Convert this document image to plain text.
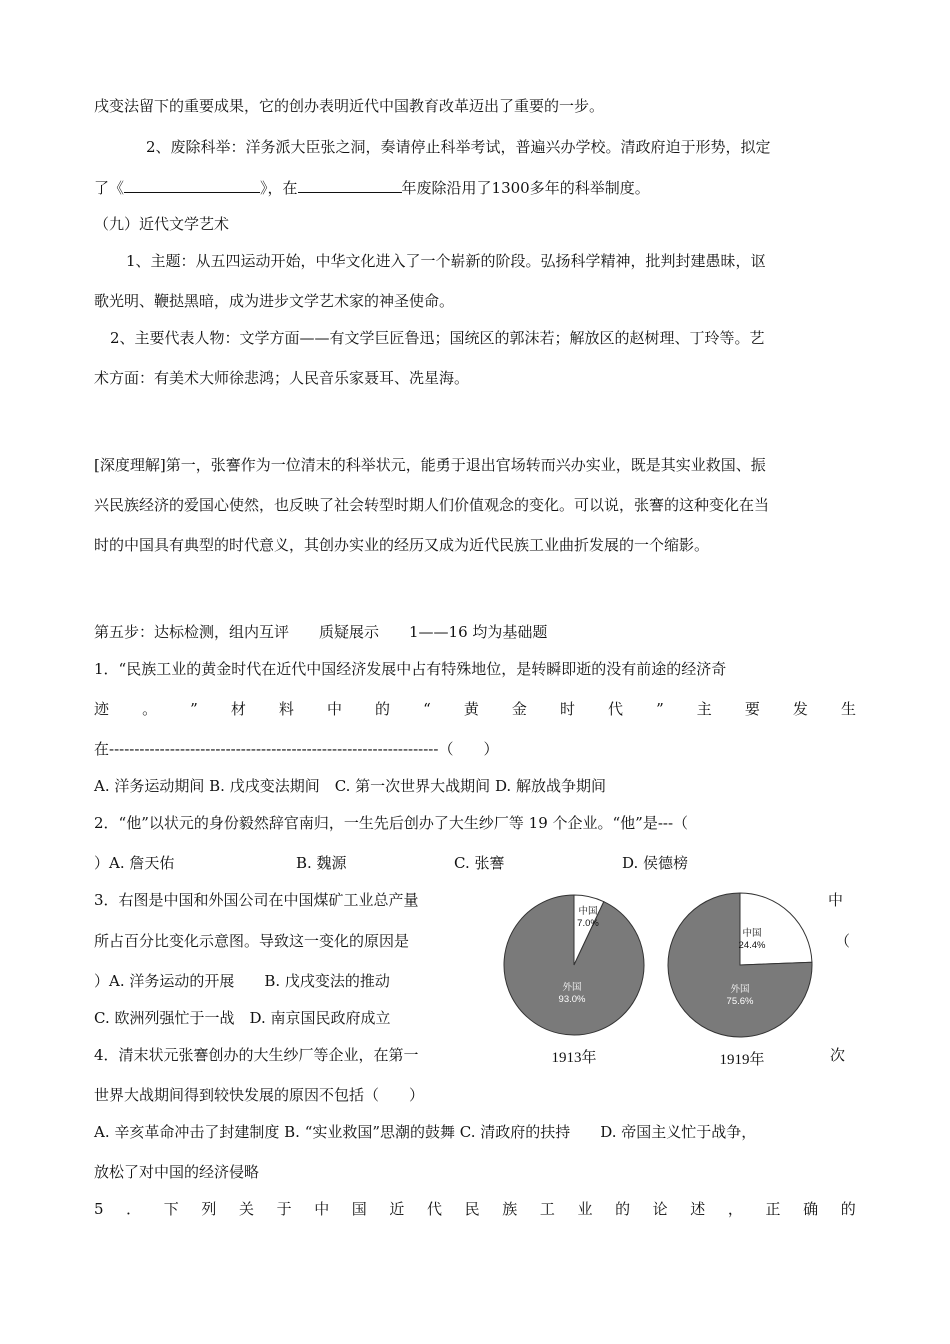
戌变法留下的重要成果，它的创办表明近代中国教育改革迈出了重要的一步。
2、废除科举：洋务派大臣张之洞，奏请停止科举考试，普遍兴办学校。清政府迫于形势，拟定
了《	》，在	年废除沿用了1300多年的科举制度。
（九）近代文学艺术
1、主题：从五四运动开始，中华文化进入了一个崭新的阶段。弘扬科学精神，批判封建愚昧，讴
歌光明、鞭挞黑暗，成为进步文学艺术家的神圣使命。
2、主要代表人物：文学方面——有文学巨匠鲁迅；国统区的郭沫若；解放区的赵树理、丁玲等。艺
术方面：有美术大师徐悲鸿；人民音乐家聂耳、冼星海。
[深度理解]第一，张謇作为一位清末的科举状元，能勇于退出官场转而兴办实业，既是其实业救国、振
兴民族经济的爱国心使然，也反映了社会转型时期人们价值观念的变化。可以说，张謇的这种变化在当
时的中国具有典型的时代意义，其创办实业的经历又成为近代民族工业曲折发展的一个缩影。
第五步：达标检测，组内互评　　质疑展示　　1——16 均为基础题
1．“民族工业的黄金时代在近代中国经济发展中占有特殊地位，是转瞬即逝的没有前途的经济奇
迹 。 ” 材 料 中 的 “ 黄 金 时 代 ” 主 要 发 生
在-----------------------------------------------------------------（　　）
A. 洋务运动期间 B. 戊戌变法期间　C. 第一次世界大战期间 D. 解放战争期间
2．“他”以状元的身份毅然辞官南归，一生先后创办了大生纱厂等 19 个企业。“他”是---（
）A. 詹天佑	B. 魏源	C. 张謇	D. 侯德榜
3．右图是中国和外国公司在中国煤矿工业总产量	中
所占百分比变化示意图。导致这一变化的原因是	（
）A. 洋务运动的开展　　B. 戊戌变法的推动
C. 欧洲列强忙于一战　D. 南京国民政府成立
4．清末状元张謇创办的大生纱厂等企业，在第一	次
世界大战期间得到较快发展的原因不包括（　　）
A. 辛亥革命冲击了封建制度 B. “实业救国”思潮的鼓舞 C. 清政府的扶持　　D. 帝国主义忙于战争，
放松了对中国的经济侵略
5 ． 下 列 关 于 中 国 近 代 民 族 工 业 的 论 述 ， 正 确 的
中国
7.0%
外国
93.0%
1913年
中国
24.4%
外国
75.6%
1919年
